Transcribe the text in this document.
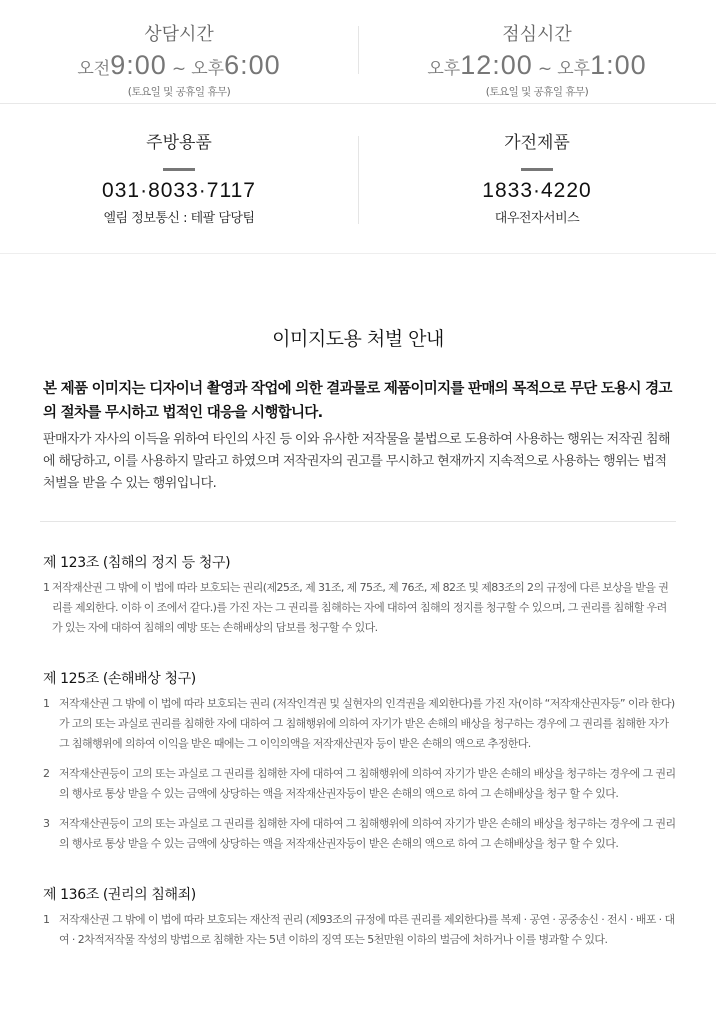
상담시간
오전9:00 ~ 오후6:00
(토요일 및 공휴일 휴무)
점심시간
오후12:00 ~ 오후1:00
(토요일 및 공휴일 휴무)
주방용품
031·8033·7117
엘림 정보통신 : 테팔 담당팀
가전제품
1833·4220
대우전자서비스
이미지도용 처벌 안내

본 제품 이미지는 디자이너 촬영과 작업에 의한 결과물로 제품이미지를 판매의 목적으로 무단 도용시 경고의 절차를 무시하고 법적인 대응을 시행합니다.

판매자가 자사의 이득을 위하여 타인의 사진 등 이와 유사한 저작물을 불법으로 도용하여 사용하는 행위는 저작권 침해에 해당하고, 이를 사용하지 말라고 하였으며 저작권자의 권고를 무시하고 현재까지 지속적으로 사용하는 행위는 법적 처벌을 받을 수 있는 행위입니다.

제 123조 (침해의 정지 등 청구)
1 저작재산권 그 밖에 이 법에 따라 보호되는 권리(제25조, 제 31조, 제 75조, 제 76조, 제 82조 및 제83조의 2의 규정에 다른 보상을 받을 권리를 제외한다. 이하 이 조에서 같다.)를 가진 자는 그 권리를 침해하는 자에 대하여 침해의 정지를 청구할 수 있으며, 그 권리를 침해할 우려가 있는 자에 대하여 침해의 예방 또는 손해배상의 담보를 청구할 수 있다.
제 125조 (손해배상 청구)
1 저작재산권 그 밖에 이 법에 따라 보호되는 권리 (저작인격권 및 실현자의 인격권을 제외한다)를 가진 자(이하 “저작재산권자등” 이라 한다)가 고의 또는 과실로 권리를 침해한 자에 대하여 그 침해행위에 의하여 자기가 받은 손해의 배상을 청구하는 경우에 그 권리를 침해한 자가 그 침해행위에 의하여 이익을 받은 때에는 그 이익의액을 저작재산권자 등이 받은 손해의 액으로 추정한다.
2 저작재산권등이 고의 또는 과실로 그 권리를 침해한 자에 대하여 그 침해행위에 의하여 자기가 받은 손해의 배상을 청구하는 경우에 그 권리의 행사로 통상 받을 수 있는 금액에 상당하는 액을 저작재산권자등이 받은 손해의 액으로 하여 그 손해배상을 청구 할 수 있다.
3 저작재산권등이 고의 또는 과실로 그 권리를 침해한 자에 대하여 그 침해행위에 의하여 자기가 받은 손해의 배상을 청구하는 경우에 그 권리의 행사로 통상 받을 수 있는 금액에 상당하는 액을 저작재산권자등이 받은 손해의 액으로 하여 그 손해배상을 청구 할 수 있다.
제 136조 (권리의 침해죄)
1 저작재산권 그 밖에 이 법에 따라 보호되는 재산적 권리 (제93조의 규정에 따른 권리를 제외한다)를 복제 · 공연 · 공중송신 · 전시 · 배포 · 대여 · 2차적저작물 작성의 방법으로 침해한 자는 5년 이하의 징역 또는 5천만원 이하의 벌금에 처하거나 이를 병과할 수 있다.
